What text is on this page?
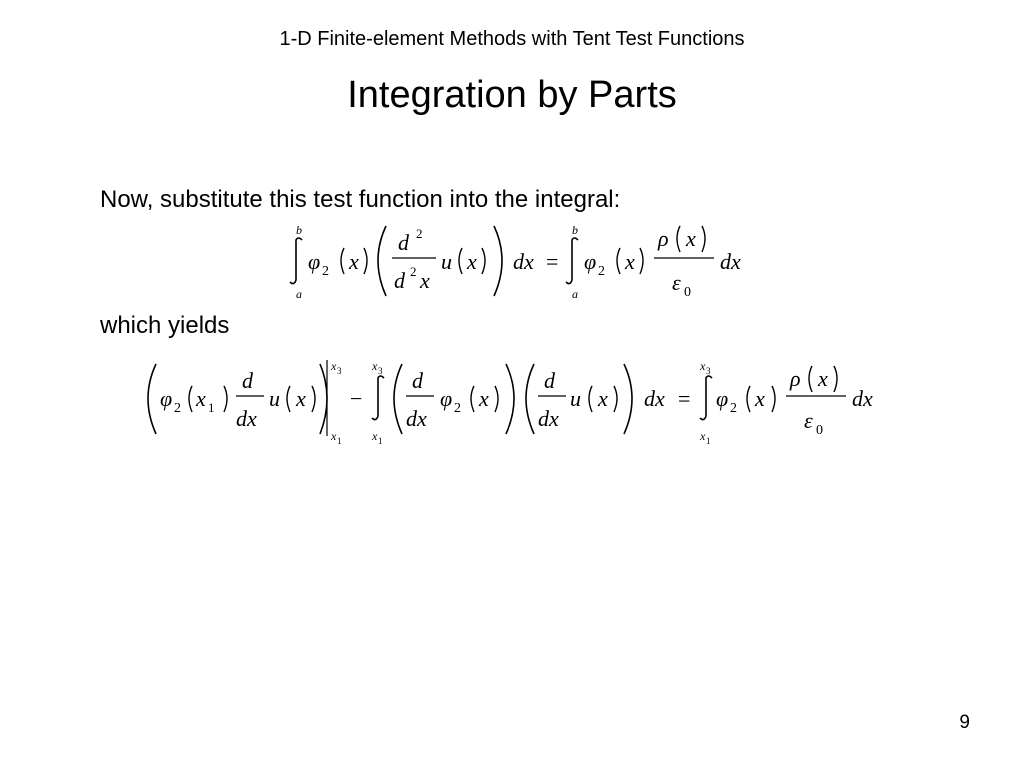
1-D Finite-element Methods with Tent Test Functions
Integration by Parts
Now, substitute this test function into the integral:
b
a
φ 2 x
d 2
d 2 x
u x dx =
b
a
φ 2 x
ρ x
ε 0
dx
which yields
φ 2 x 1
d
dx
u x
x 3
x 1
−
x 3
x 1
d
dx
φ 2 x
d
dx
u x dx =
x 3
x 1
φ 2 x
ρ x
ε 0
dx
9
